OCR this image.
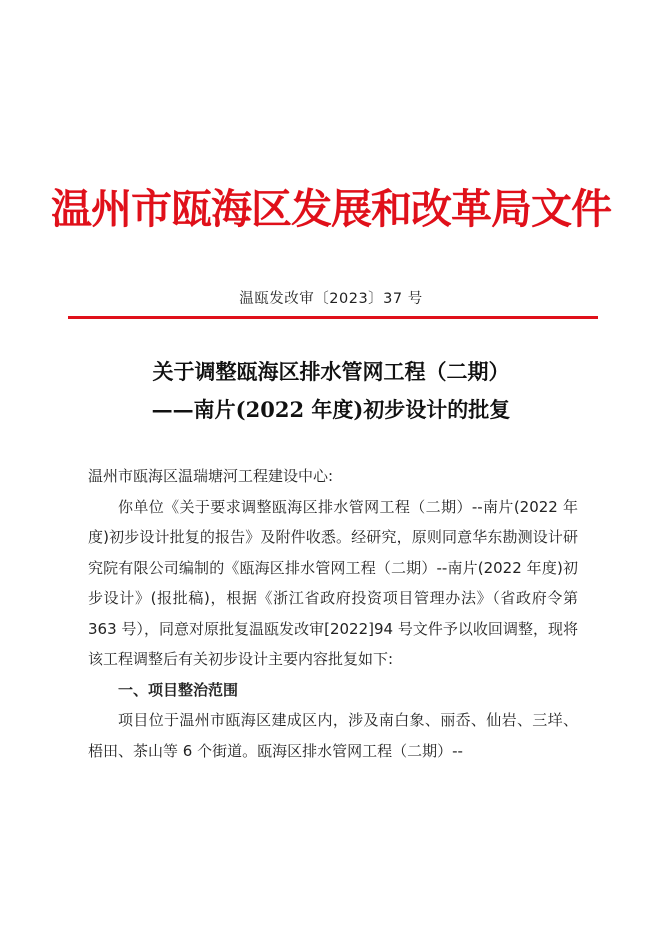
温州市瓯海区发展和改革局文件
温瓯发改审〔2023〕37 号
关于调整瓯海区排水管网工程（二期）
——南片(2022 年度)初步设计的批复

温州市瓯海区温瑞塘河工程建设中心:

你单位《关于要求调整瓯海区排水管网工程（二期）--南片(2022 年度)初步设计批复的报告》及附件收悉。经研究，原则同意华东勘测设计研究院有限公司编制的《瓯海区排水管网工程（二期）--南片(2022 年度)初步设计》(报批稿)，根据《浙江省政府投资项目管理办法》（省政府令第 363 号），同意对原批复温瓯发改审[2022]94 号文件予以收回调整，现将该工程调整后有关初步设计主要内容批复如下:

一、项目整治范围

项目位于温州市瓯海区建成区内，涉及南白象、丽岙、仙岩、三垟、梧田、茶山等 6 个街道。瓯海区排水管网工程（二期）--
